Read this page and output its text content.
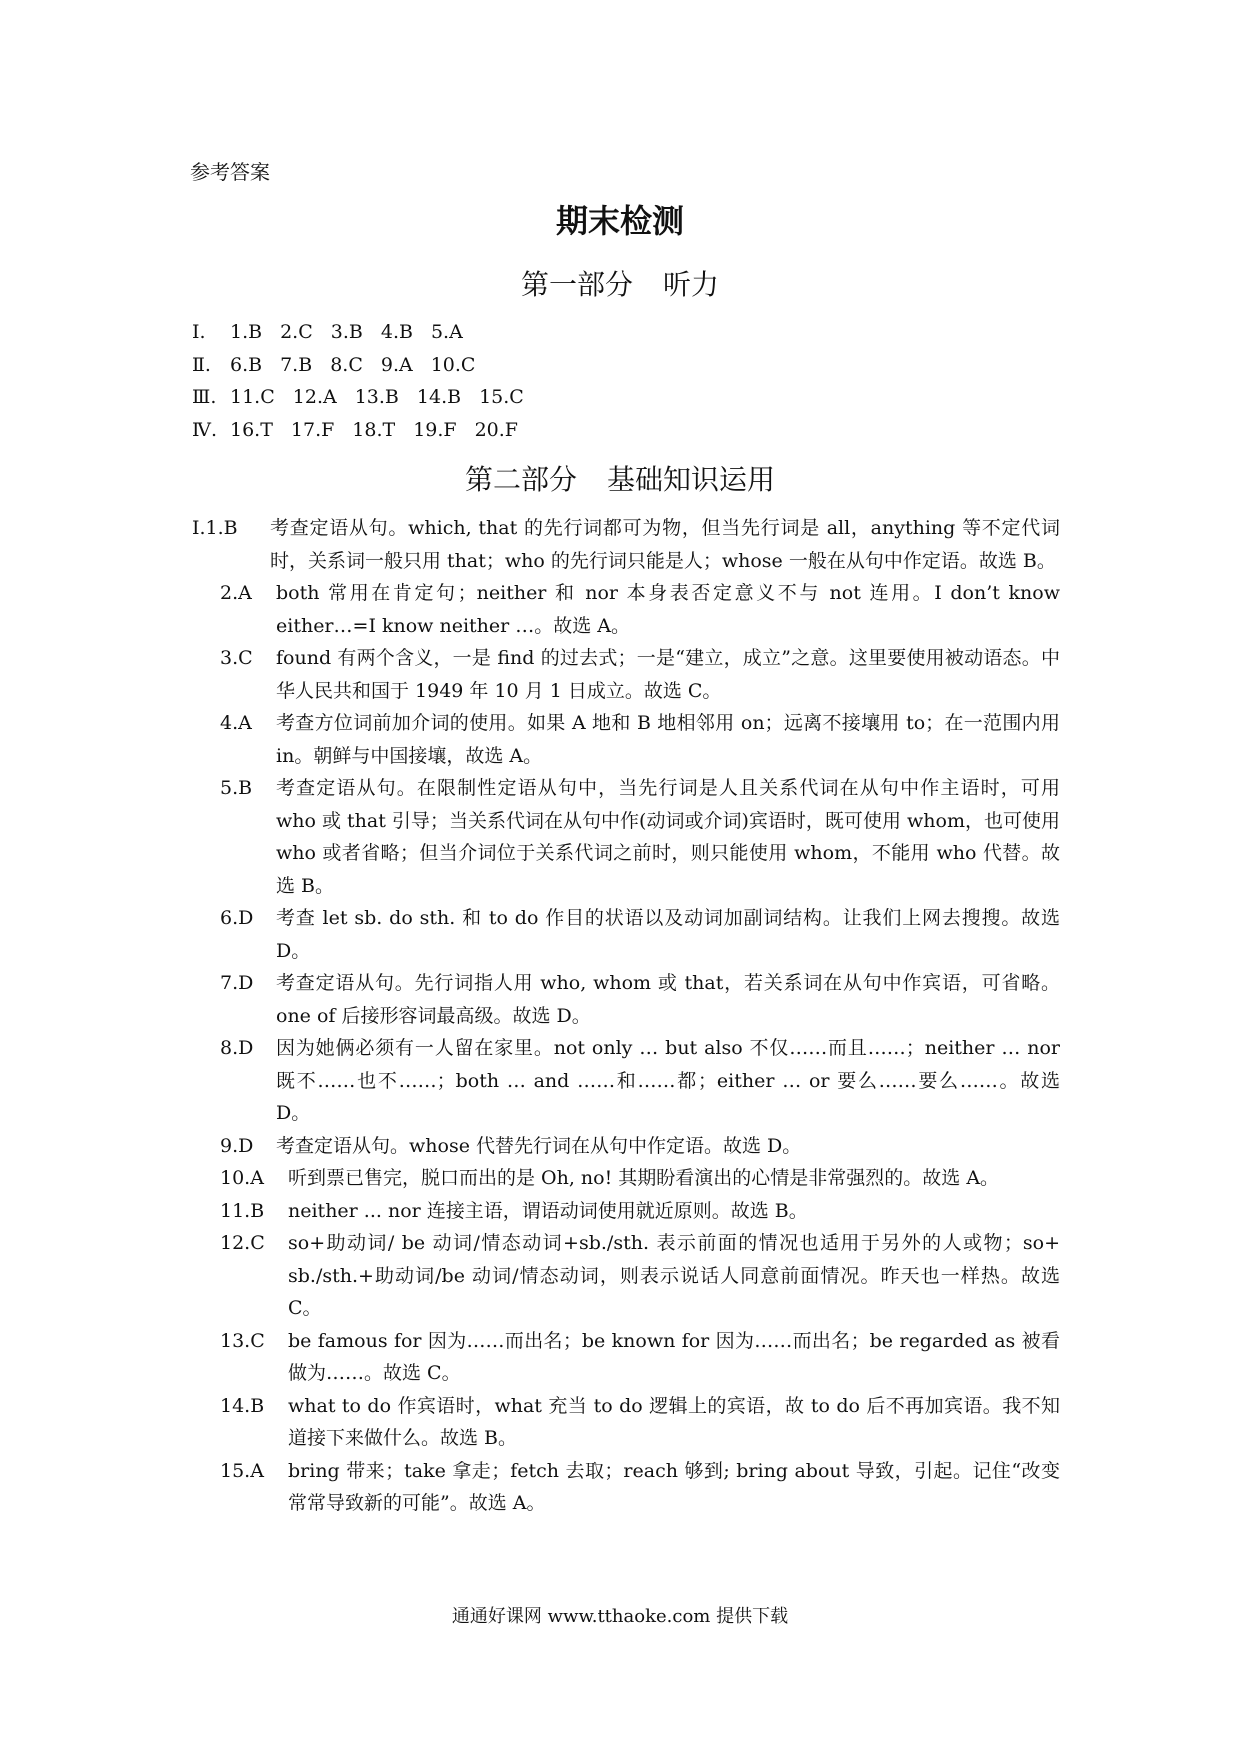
参考答案
期末检测
第一部分 听力
Ⅰ. 1.B 2.C 3.B 4.B 5.A
Ⅱ. 6.B 7.B 8.C 9.A 10.C
Ⅲ. 11.C 12.A 13.B 14.B 15.C
Ⅳ. 16.T 17.F 18.T 19.F 20.F
第二部分 基础知识运用
Ⅰ.1.B	考查定语从句。which, that 的先行词都可为物，但当先行词是 all，anything 等不定代词时，关系词一般只用 that；who 的先行词只能是人；whose 一般在从句中作定语。故选 B。
2.A	both 常用在肯定句；neither 和 nor 本身表否定意义不与 not 连用。I don’t know either…=I know neither …。故选 A。
3.C	found 有两个含义，一是 find 的过去式；一是“建立，成立”之意。这里要使用被动语态。中华人民共和国于 1949 年 10 月 1 日成立。故选 C。
4.A	考查方位词前加介词的使用。如果 A 地和 B 地相邻用 on；远离不接壤用 to；在一范围内用 in。朝鲜与中国接壤，故选 A。
5.B	考查定语从句。在限制性定语从句中，当先行词是人且关系代词在从句中作主语时，可用 who 或 that 引导；当关系代词在从句中作(动词或介词)宾语时，既可使用 whom，也可使用 who 或者省略；但当介词位于关系代词之前时，则只能使用 whom，不能用 who 代替。故选 B。
6.D	考查 let sb. do sth. 和 to do 作目的状语以及动词加副词结构。让我们上网去搜搜。故选 D。
7.D	考查定语从句。先行词指人用 who, whom 或 that，若关系词在从句中作宾语，可省略。one of 后接形容词最高级。故选 D。
8.D	因为她俩必须有一人留在家里。not only … but also 不仅……而且……；neither … nor 既不……也不……；both … and ……和……都；either … or 要么……要么……。故选 D。
9.D	考查定语从句。whose 代替先行词在从句中作定语。故选 D。
10.A	听到票已售完，脱口而出的是 Oh, no! 其期盼看演出的心情是非常强烈的。故选 A。
11.B	neither ... nor 连接主语，谓语动词使用就近原则。故选 B。
12.C	so+助动词/ be 动词/情态动词+sb./sth. 表示前面的情况也适用于另外的人或物；so+ sb./sth.+助动词/be 动词/情态动词，则表示说话人同意前面情况。昨天也一样热。故选 C。
13.C	be famous for 因为……而出名；be known for 因为……而出名；be regarded as 被看做为……。故选 C。
14.B	what to do 作宾语时，what 充当 to do 逻辑上的宾语，故 to do 后不再加宾语。我不知道接下来做什么。故选 B。
15.A	bring 带来；take 拿走；fetch 去取；reach 够到; bring about 导致，引起。记住“改变常常导致新的可能”。故选 A。
通通好课网 www.tthaoke.com 提供下载
